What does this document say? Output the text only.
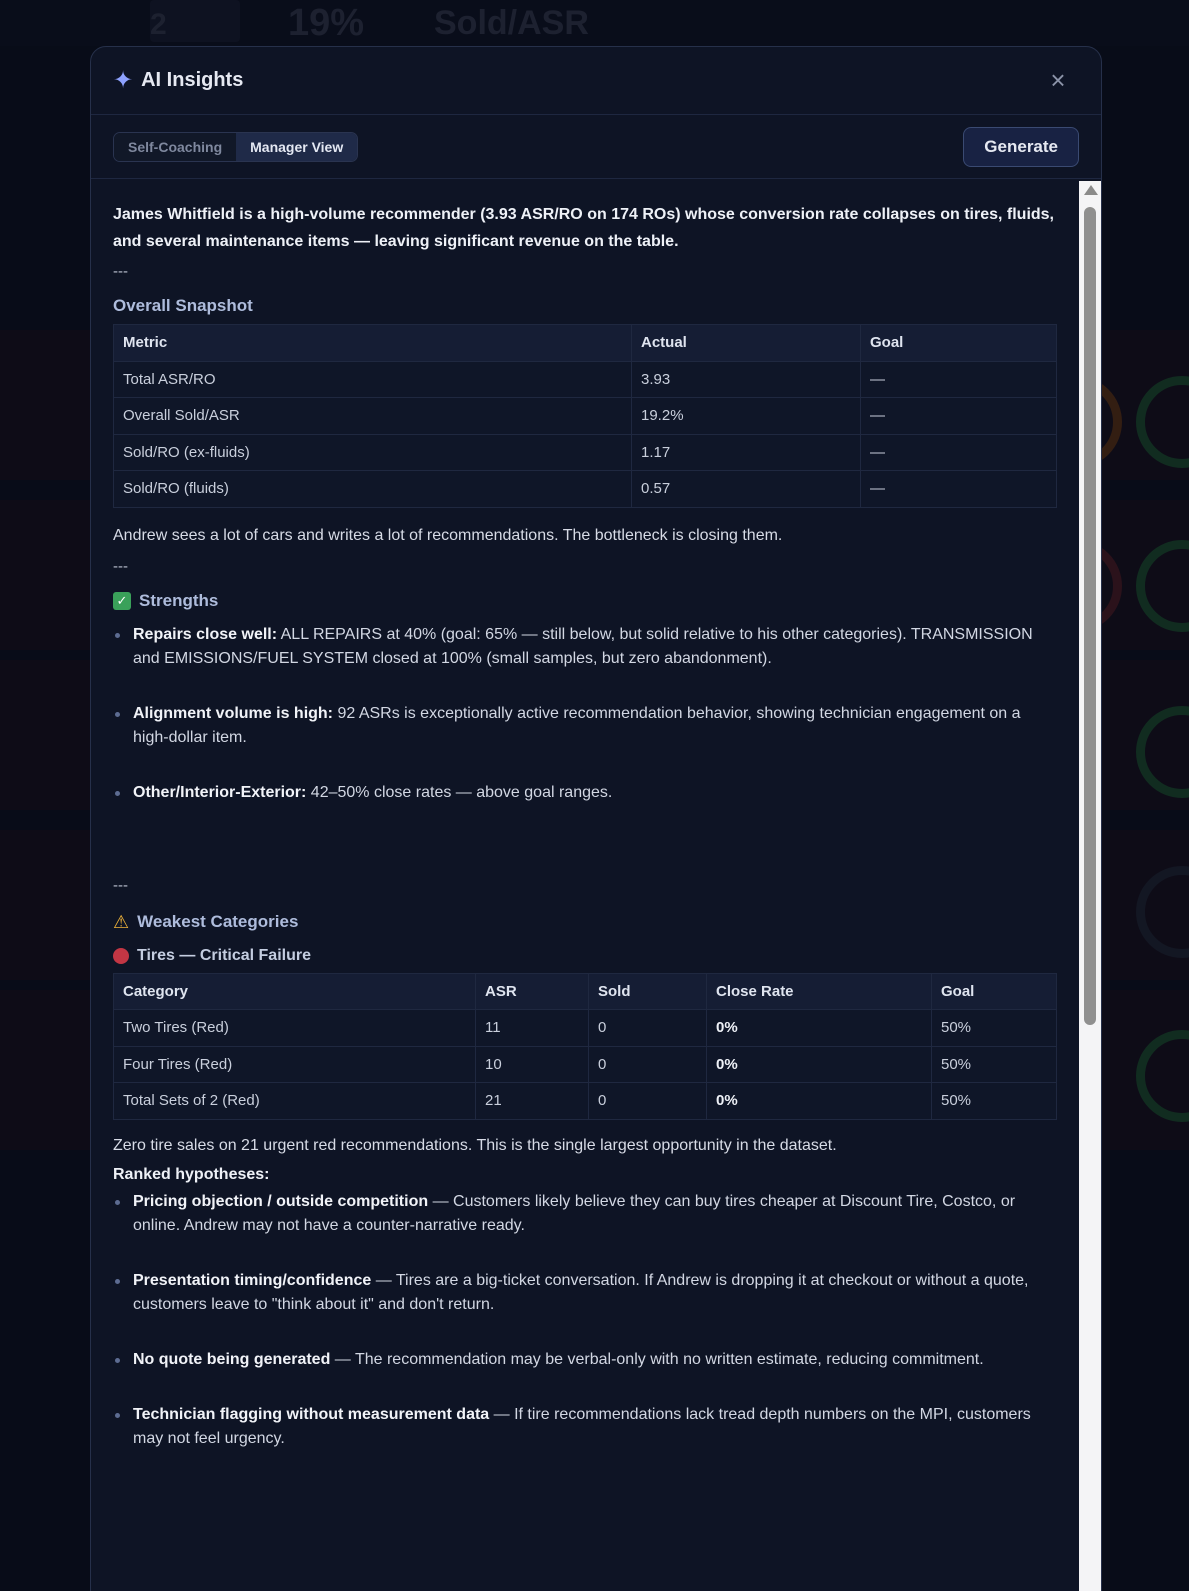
✦ AI Insights	×
Self-Coaching	Manager View	Generate

James Whitfield is a high-volume recommender (3.93 ASR/RO on 174 ROs) whose conversion rate collapses on tires, fluids, and several maintenance items — leaving significant revenue on the table.

---

Overall Snapshot
Metric	Actual	Goal
Total ASR/RO	3.93	—
Overall Sold/ASR	19.2%	—
Sold/RO (ex-fluids)	1.17	—
Sold/RO (fluids)	0.57	—

Andrew sees a lot of cars and writes a lot of recommendations. The bottleneck is closing them.

---

✓ Strengths
Repairs close well: ALL REPAIRS at 40% (goal: 65% — still below, but solid relative to his other categories). TRANSMISSION and EMISSIONS/FUEL SYSTEM closed at 100% (small samples, but zero abandonment).
Alignment volume is high: 92 ASRs is exceptionally active recommendation behavior, showing technician engagement on a high-dollar item.
Other/Interior-Exterior: 42–50% close rates — above goal ranges.

---

⚠ Weakest Categories
Tires — Critical Failure
Category	ASR	Sold	Close Rate	Goal
Two Tires (Red)	11	0	0%	50%
Four Tires (Red)	10	0	0%	50%
Total Sets of 2 (Red)	21	0	0%	50%

Zero tire sales on 21 urgent red recommendations. This is the single largest opportunity in the dataset.

Ranked hypotheses:

Pricing objection / outside competition — Customers likely believe they can buy tires cheaper at Discount Tire, Costco, or online. Andrew may not have a counter-narrative ready.
Presentation timing/confidence — Tires are a big-ticket conversation. If Andrew is dropping it at checkout or without a quote, customers leave to "think about it" and don't return.
No quote being generated — The recommendation may be verbal-only with no written estimate, reducing commitment.
Technician flagging without measurement data — If tire recommendations lack tread depth numbers on the MPI, customers may not feel urgency.
